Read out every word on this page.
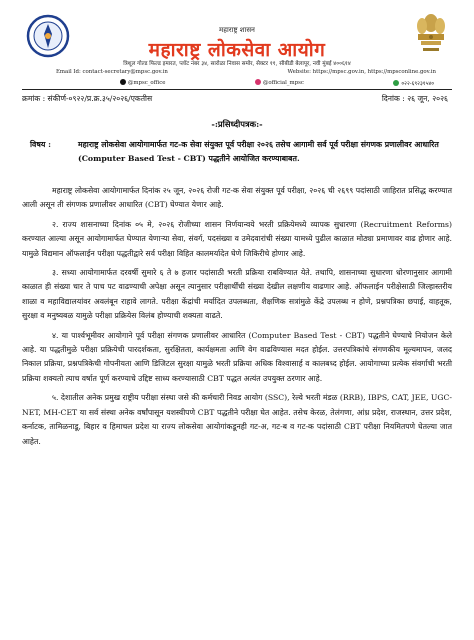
महाराष्ट्र शासन
महाराष्ट्र लोकसेवा आयोग
त्रिशूल गोल्ड फिल्ड इमारत, प्लॉट नंबर ३४, सारोळा निवास समोर, सेक्टर ११, सीबीडी बेलापूर, नवी मुंबई ४००६१४
Email Id: contact-secretary@mpsc.gov.in	Website: https://mpsc.gov.in, https://mpsconline.gov.in
@mpsc_office	@official_mpsc	०२२-६९२३१५४०
क्रमांक : संकीर्ण-०९२२/प्र.क्र.३५/२०२६/एकतीस	दिनांक : २६ जून, २०२६
-:प्रसिध्दीपत्रक:-
विषय :	महाराष्ट्र लोकसेवा आयोगामार्फत गट-क सेवा संयुक्त पूर्व परीक्षा २०२६ तसेच आगामी सर्व पूर्व परीक्षा संगणक प्रणालीवर आधारित (Computer Based Test - CBT) पद्धतीने आयोजित करण्याबाबत.

महाराष्ट्र लोकसेवा आयोगामार्फत दिनांक २५ जून, २०२६ रोजी गट-क सेवा संयुक्त पूर्व परीक्षा, २०२६ ची २६९९ पदांसाठी जाहिरात प्रसिद्ध करण्यात आली असून ती संगणक प्रणालीवर आधारित (CBT) घेण्यात येणार आहे.

२. राज्य शासनाच्या दिनांक ०५ मे, २०२६ रोजीच्या शासन निर्णयान्वये भरती प्रक्रियेमध्ये व्यापक सुधारणा (Recruitment Reforms) करण्यात आल्या असून आयोगामार्फत घेण्यात येणाऱ्या सेवा, संवर्ग, पदसंख्या व उमेदवारांची संख्या यामध्ये पुढील काळात मोठ्या प्रमाणावर वाढ होणार आहे. यामुळे विद्यमान ऑफलाईन परीक्षा पद्धतीद्वारे सर्व परीक्षा विहित कालमर्यादेत घेणे जिकिरीचे होणार आहे.

३. सध्या आयोगामार्फत दरवर्षी सुमारे ६ ते ७ हजार पदांसाठी भरती प्रक्रिया राबविण्यात येते. तथापि, शासनाच्या सुधारणा धोरणानुसार आगामी काळात ही संख्या चार ते पाच पट वाढण्याची अपेक्षा असून त्यानुसार परीक्षार्थींची संख्या देखील लक्षणीय वाढणार आहे. ऑफलाईन परीक्षेसाठी जिल्हास्तरीय शाळा व महाविद्यालयांवर अवलंबून राहावे लागते. परीक्षा केंद्रांची मर्यादित उपलब्धता, शैक्षणिक सत्रांमुळे केंद्रे उपलब्ध न होणे, प्रश्नपत्रिका छपाई, वाहतूक, सुरक्षा व मनुष्यबळ यामुळे परीक्षा प्रक्रियेस विलंब होण्याची शक्यता वाढते.

४. या पार्श्वभूमीवर आयोगाने पूर्व परीक्षा संगणक प्रणालीवर आधारित (Computer Based Test - CBT) पद्धतीने घेण्याचे नियोजन केले आहे. या पद्धतीमुळे परीक्षा प्रक्रियेची पारदर्शकता, सुरक्षितता, कार्यक्षमता आणि वेग वाढविण्यास मदत होईल. उत्तरपत्रिकांचे संगणकीय मूल्यमापन, जलद निकाल प्रक्रिया, प्रश्नपत्रिकेची गोपनीयता आणि डिजिटल सुरक्षा यामुळे भरती प्रक्रिया अधिक विश्वासार्ह व कालबध्द होईल. आयोगाच्या प्रत्येक संवर्गाची भरती प्रक्रिया शक्यतो त्याच वर्षात पूर्ण करण्याचे उद्दिष्ट साध्य करण्यासाठी CBT पद्धत अत्यंत उपयुक्त ठरणार आहे.

५. देशातील अनेक प्रमुख राष्ट्रीय परीक्षा संस्था जसे की कर्मचारी निवड आयोग (SSC), रेल्वे भरती मंडळ (RRB), IBPS, CAT, JEE, UGC-NET, MH-CET या सर्व संस्था अनेक वर्षांपासून यशस्वीपणे CBT पद्धतीने परीक्षा घेत आहेत. तसेच केरळ, तेलंगणा, आंध्र प्रदेश, राजस्थान, उत्तर प्रदेश, कर्नाटक, तामिळनाडू, बिहार व हिमाचल प्रदेश या राज्य लोकसेवा आयोगांकडूनही गट-अ, गट-ब व गट-क पदांसाठी CBT परीक्षा नियमितपणे घेतल्या जात आहेत.
